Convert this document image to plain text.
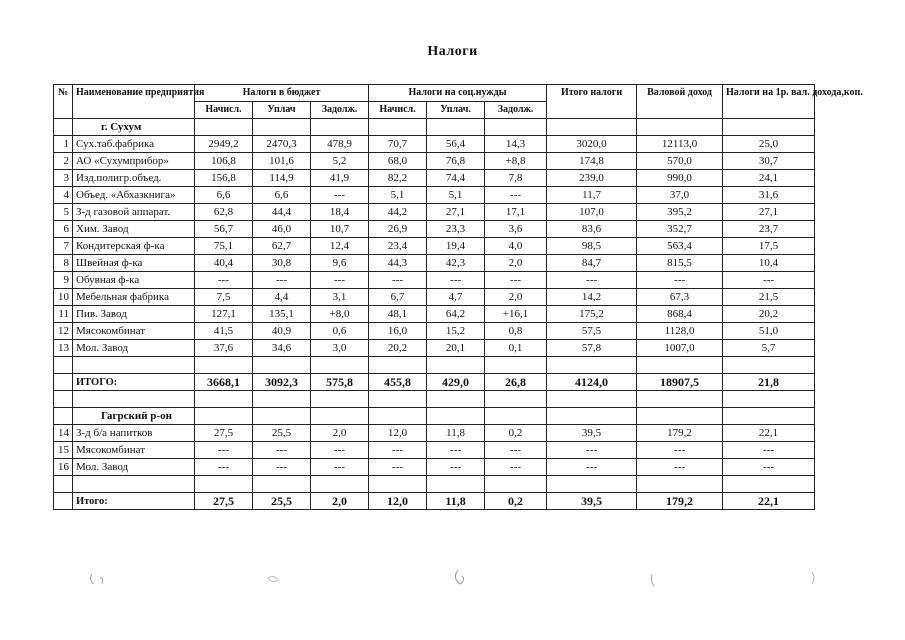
Налоги
№	Наименование предприятия	Налоги в бюджет			Налоги на соц.нужды			Итого налоги	Валовой доход	Налоги на 1р. вал. дохода,коп.
		Начисл.	Уплач	Задолж.	Начисл.	Уплач.	Задолж.			
	г. Сухум									
1	Сух.таб.фабрика	2949,2	2470,3	478,9	70,7	56,4	14,3	3020,0	12113,0	25,0
2	АО «Сухумприбор»	106,8	101,6	5,2	68,0	76,8	+8,8	174,8	570,0	30,7
3	Изд.полигр.объед.	156,8	114,9	41,9	82,2	74,4	7,8	239,0	990,0	24,1
4	Объед. «Абхазкнига»	6,6	6,6	---	5,1	5,1	---	11,7	37,0	31,6
5	З-д газовой аппарат.	62,8	44,4	18,4	44,2	27,1	17,1	107,0	395,2	27,1
6	Хим. Завод	56,7	46,0	10,7	26,9	23,3	3,6	83,6	352,7	23,7
7	Кондитерская ф-ка	75,1	62,7	12,4	23,4	19,4	4,0	98,5	563,4	17,5
8	Швейная ф-ка	40,4	30,8	9,6	44,3	42,3	2,0	84,7	815,5	10,4
9	Обувная ф-ка	---	---	---	---	---	---	---	---	---
10	Мебельная фабрика	7,5	4,4	3,1	6,7	4,7	2,0	14,2	67,3	21,5
11	Пив. Завод	127,1	135,1	+8,0	48,1	64,2	+16,1	175,2	868,4	20,2
12	Мясокомбинат	41,5	40,9	0,6	16,0	15,2	0,8	57,5	1128,0	51,0
13	Мол. Завод	37,6	34,6	3,0	20,2	20,1	0,1	57,8	1007,0	5,7

	ИТОГО:	3668,1	3092,3	575,8	455,8	429,0	26,8	4124,0	18907,5	21,8

	Гагрский р-он									
14	З-д б/а напитков	27,5	25,5	2,0	12,0	11,8	0,2	39,5	179,2	22,1
15	Мясокомбинат	---	---	---	---	---	---	---	---	---
16	Мол. Завод	---	---	---	---	---	---	---	---	---

	Итого:	27,5	25,5	2,0	12,0	11,8	0,2	39,5	179,2	22,1
